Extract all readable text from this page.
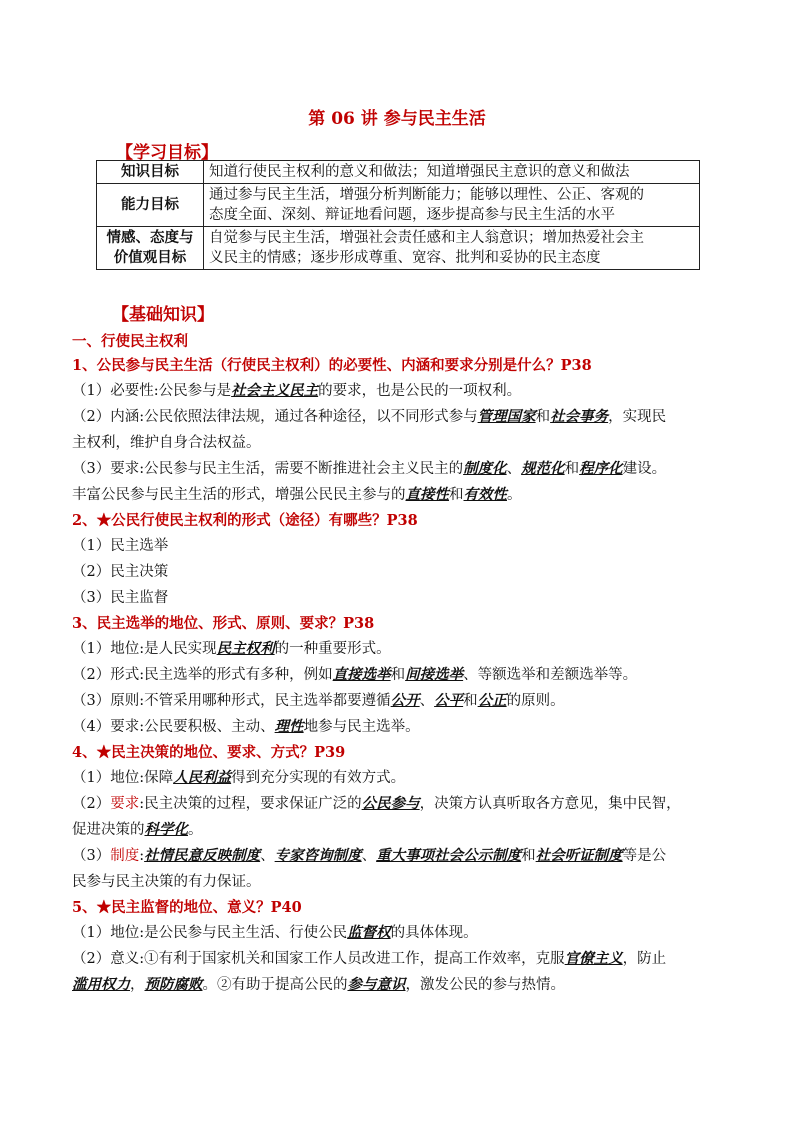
第 06 讲 参与民主生活
【学习目标】
知识目标	知道行使民主权利的意义和做法；知道增强民主意识的意义和做法
能力目标	通过参与民主生活，增强分析判断能力；能够以理性、公正、客观的
态度全面、深刻、辩证地看问题，逐步提高参与民主生活的水平
情感、态度与
价值观目标	自觉参与民主生活，增强社会责任感和主人翁意识；增加热爱社会主
义民主的情感；逐步形成尊重、宽容、批判和妥协的民主态度
【基础知识】
一、行使民主权利
1、公民参与民主生活（行使民主权利）的必要性、内涵和要求分别是什么？P38
（1）必要性:公民参与是社会主义民主的要求，也是公民的一项权利。
（2）内涵:公民依照法律法规，通过各种途径，以不同形式参与管理国家和社会事务，实现民
主权利，维护自身合法权益。
（3）要求:公民参与民主生活，需要不断推进社会主义民主的制度化、规范化和程序化建设。
丰富公民参与民主生活的形式，增强公民民主参与的直接性和有效性。
2、★公民行使民主权利的形式（途径）有哪些？P38
（1）民主选举
（2）民主决策
（3）民主监督
3、民主选举的地位、形式、原则、要求？P38
（1）地位:是人民实现民主权利的一种重要形式。
（2）形式:民主选举的形式有多种，例如直接选举和间接选举、等额选举和差额选举等。
（3）原则:不管采用哪种形式，民主选举都要遵循公开、公平和公正的原则。
（4）要求:公民要积极、主动、理性地参与民主选举。
4、★民主决策的地位、要求、方式？P39
（1）地位:保障人民利益得到充分实现的有效方式。
（2）要求:民主决策的过程，要求保证广泛的公民参与，决策方认真听取各方意见，集中民智，
促进决策的科学化。
（3）制度:社情民意反映制度、专家咨询制度、重大事项社会公示制度和社会听证制度等是公
民参与民主决策的有力保证。
5、★民主监督的地位、意义？P40
（1）地位:是公民参与民主生活、行使公民监督权的具体体现。
（2）意义:①有利于国家机关和国家工作人员改进工作，提高工作效率，克服官僚主义，防止
滥用权力，预防腐败。②有助于提高公民的参与意识，激发公民的参与热情。
